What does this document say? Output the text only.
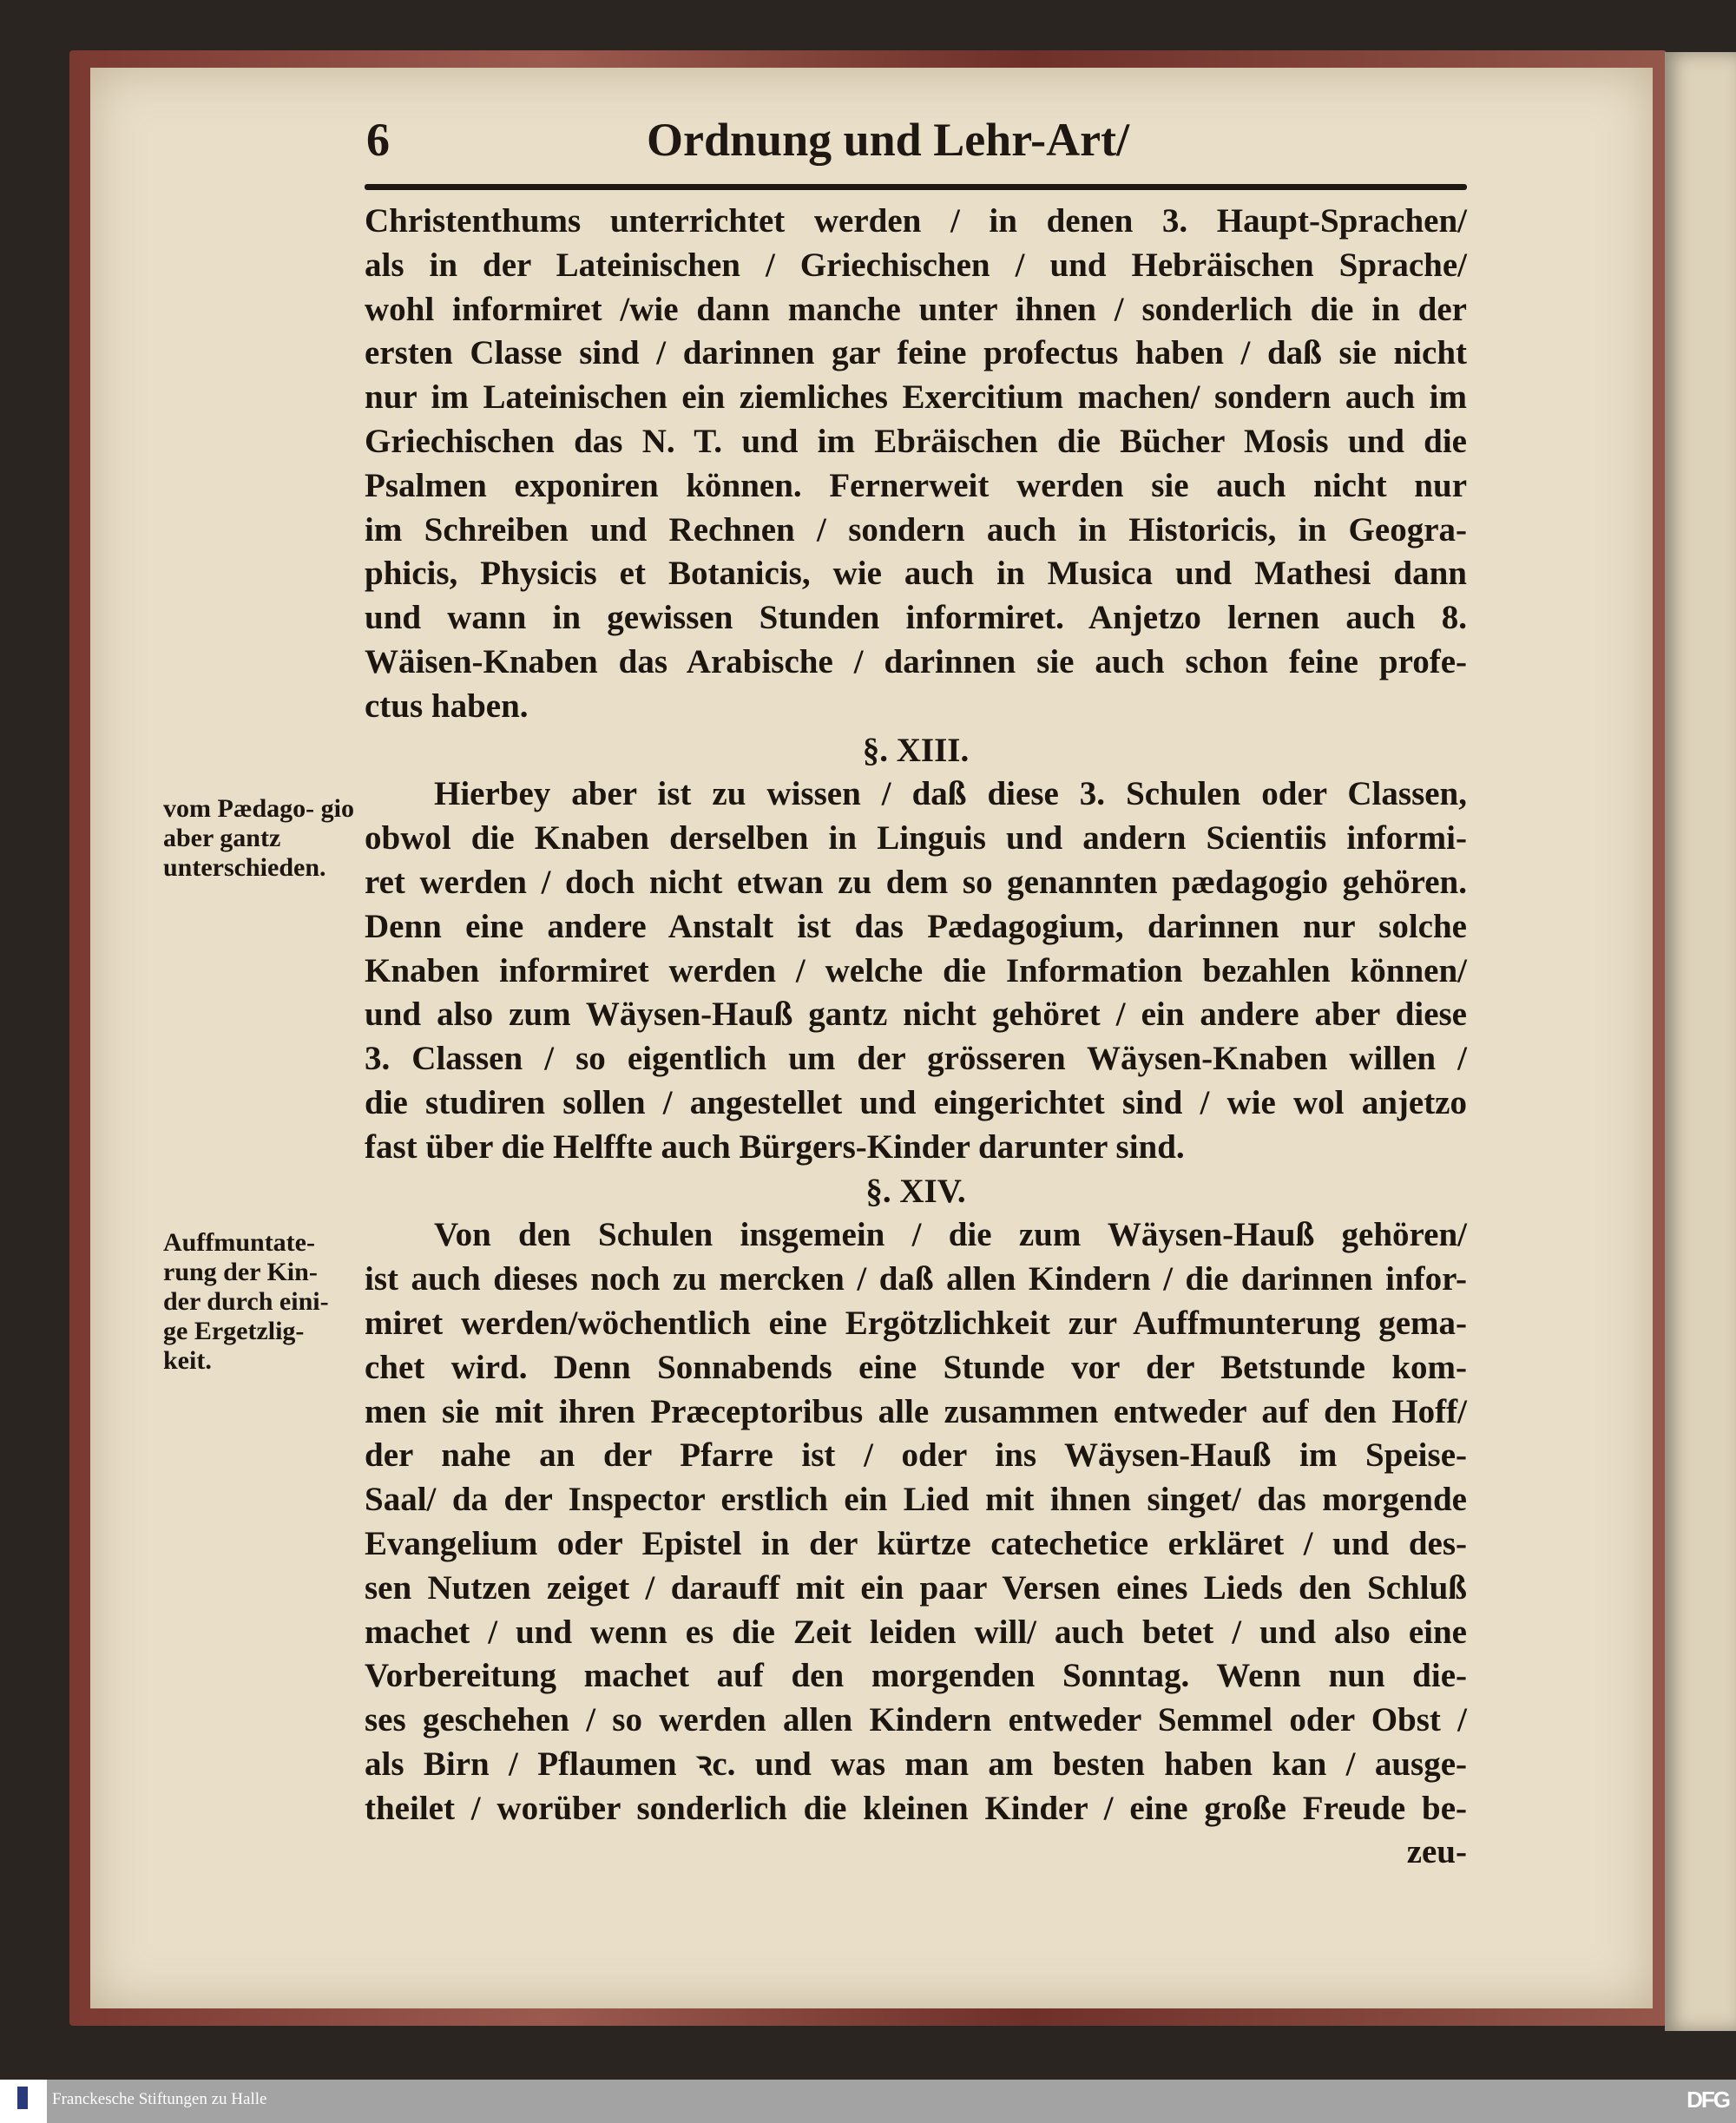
6	Ordnung und Lehr-Art/
Christenthums unterrichtet werden / in denen 3. Haupt-Sprachen/
als in der Lateinischen / Griechischen / und Hebräischen Sprache/
wohl informiret /wie dann manche unter ihnen / sonderlich die in der
ersten Classe sind / darinnen gar feine profectus haben / daß sie nicht
nur im Lateinischen ein ziemliches Exercitium machen/ sondern auch im
Griechischen das N. T. und im Ebräischen die Bücher Mosis und die
Psalmen exponiren können. Fernerweit werden sie auch nicht nur
im Schreiben und Rechnen / sondern auch in Historicis, in Geogra-
phicis, Physicis et Botanicis, wie auch in Musica und Mathesi dann
und wann in gewissen Stunden informiret. Anjetzo lernen auch 8.
Wäisen-Knaben das Arabische / darinnen sie auch schon feine profe-
ctus haben.
§. XIII.
Hierbey aber ist zu wissen / daß diese 3. Schulen oder Classen,
obwol die Knaben derselben in Linguis und andern Scientiis informi-
ret werden / doch nicht etwan zu dem so genannten pædagogio gehören.
Denn eine andere Anstalt ist das Pædagogium, darinnen nur solche
Knaben informiret werden / welche die Information bezahlen können/
und also zum Wäysen-Hauß gantz nicht gehöret / ein andere aber diese
3. Classen / so eigentlich um der grösseren Wäysen-Knaben willen /
die studiren sollen / angestellet und eingerichtet sind / wie wol anjetzo
fast über die Helffte auch Bürgers-Kinder darunter sind.
§. XIV.
Von den Schulen insgemein / die zum Wäysen-Hauß gehören/
ist auch dieses noch zu mercken / daß allen Kindern / die darinnen infor-
miret werden/wöchentlich eine Ergötzlichkeit zur Auffmunterung gema-
chet wird. Denn Sonnabends eine Stunde vor der Betstunde kom-
men sie mit ihren Præceptoribus alle zusammen entweder auf den Hoff/
der nahe an der Pfarre ist / oder ins Wäysen-Hauß im Speise-
Saal/ da der Inspector erstlich ein Lied mit ihnen singet/ das morgende
Evangelium oder Epistel in der kürtze catechetice erkläret / und des-
sen Nutzen zeiget / darauff mit ein paar Versen eines Lieds den Schluß
machet / und wenn es die Zeit leiden will/ auch betet / und also eine
Vorbereitung machet auf den morgenden Sonntag. Wenn nun die-
ses geschehen / so werden allen Kindern entweder Semmel oder Obst /
als Birn / Pflaumen ꝛc. und was man am besten haben kan / ausge-
theilet / worüber sonderlich die kleinen Kinder / eine große Freude be-
zeu-
vom Pædago- gio aber gantz unterschieden.
Auffmuntate- rung der Kin- der durch eini- ge Ergetzlig- keit.
Franckesche Stiftungen zu Halle	DFG
